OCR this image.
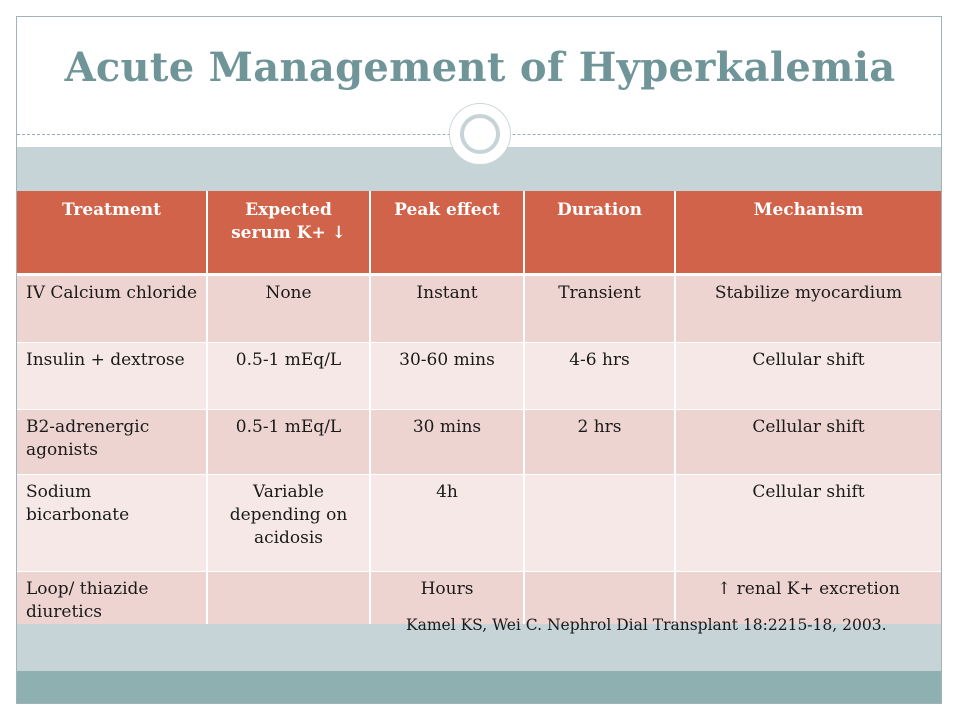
Acute Management of Hyperkalemia
Treatment	Expected serum K+ ↓	Peak effect	Duration	Mechanism
IV Calcium chloride	None	Instant	Transient	Stabilize myocardium
Insulin + dextrose	0.5-1 mEq/L	30-60 mins	4-6 hrs	Cellular shift
B2-adrenergic agonists	0.5-1 mEq/L	30 mins	2 hrs	Cellular shift
Sodium bicarbonate	Variable depending on acidosis	4h		Cellular shift
Loop/ thiazide diuretics		Hours		↑ renal K+ excretion
Kamel KS, Wei C. Nephrol Dial Transplant 18:2215-18, 2003.
